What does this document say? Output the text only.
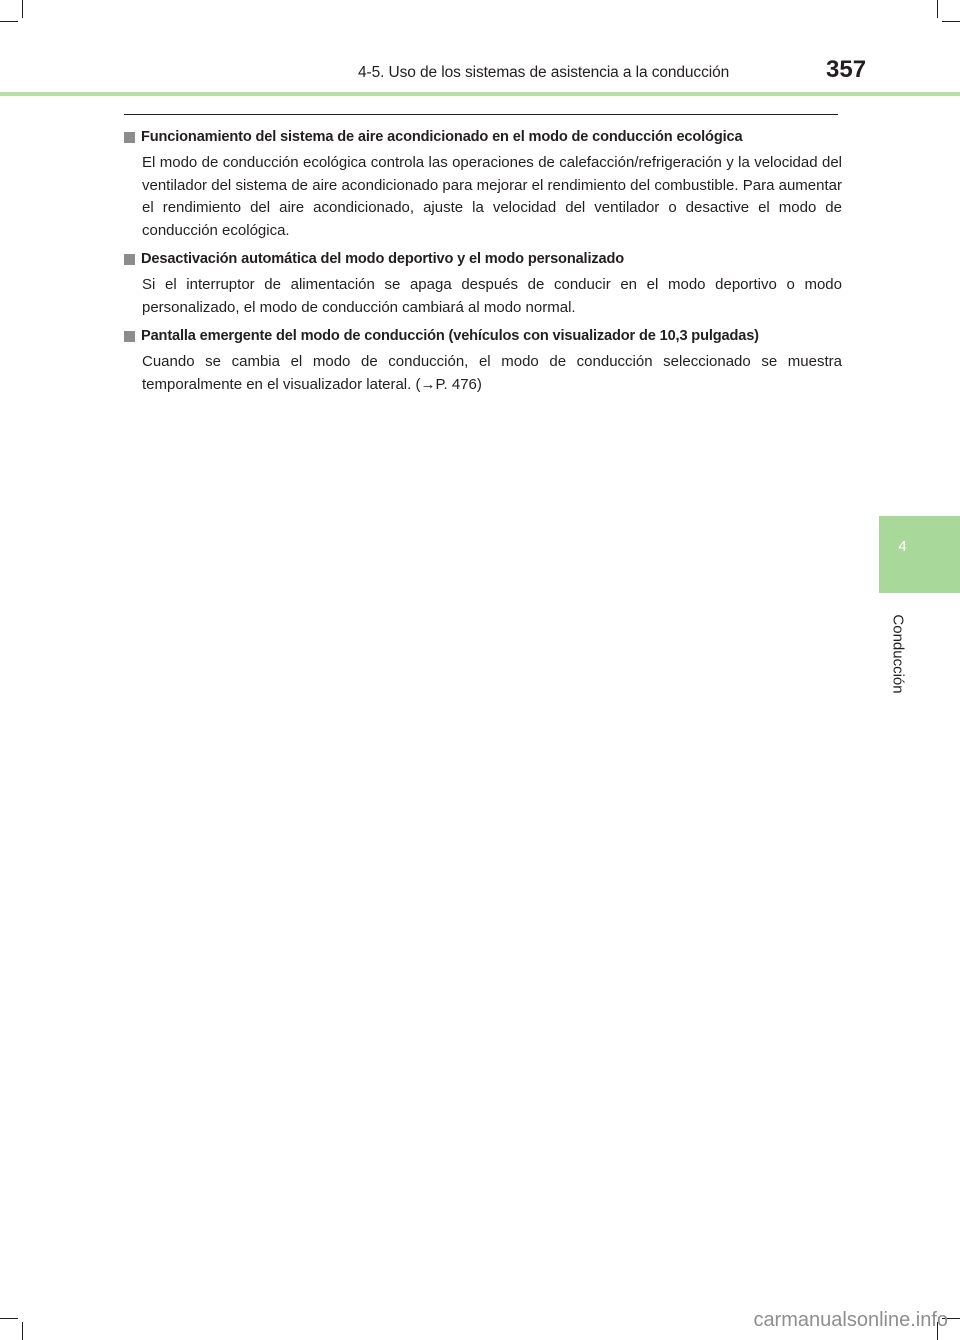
4-5. Uso de los sistemas de asistencia a la conducción	357
4
Conducción
Funcionamiento del sistema de aire acondicionado en el modo de conducción ecológica

El modo de conducción ecológica controla las operaciones de calefacción/refrigeración y la velocidad del ventilador del sistema de aire acondicionado para mejorar el rendimiento del combustible. Para aumentar el rendimiento del aire acondicionado, ajuste la velocidad del ventilador o desactive el modo de conducción ecológica.

Desactivación automática del modo deportivo y el modo personalizado

Si el interruptor de alimentación se apaga después de conducir en el modo deportivo o modo personalizado, el modo de conducción cambiará al modo normal.

Pantalla emergente del modo de conducción (vehículos con visualizador de 10,3 pulgadas)

Cuando se cambia el modo de conducción, el modo de conducción seleccionado se muestra temporalmente en el visualizador lateral. (→P. 476)

carmanualsonline.info
